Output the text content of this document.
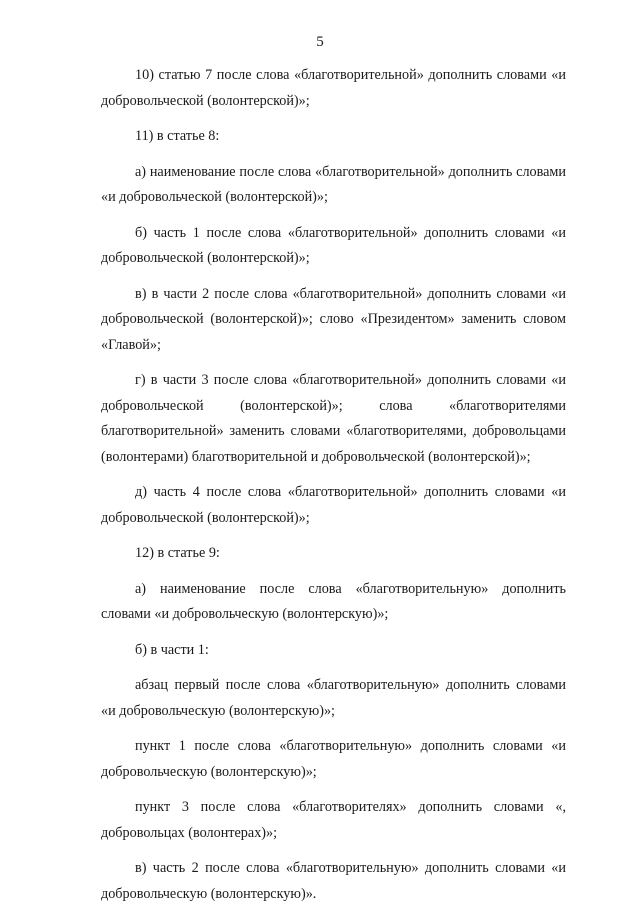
5

10) статью 7 после слова «благотворительной» дополнить словами «и добровольческой (волонтерской)»;

11) в статье 8:

а) наименование после слова «благотворительной» дополнить словами «и добровольческой (волонтерской)»;

б) часть 1 после слова «благотворительной» дополнить словами «и добровольческой (волонтерской)»;

в) в части 2 после слова «благотворительной» дополнить словами «и добровольческой (волонтерской)»; слово «Президентом» заменить словом «Главой»;

г) в части 3 после слова «благотворительной» дополнить словами «и добровольческой (волонтерской)»; слова «благотворителями благотворительной» заменить словами «благотворителями, добровольцами (волонтерами) благотворительной и добровольческой (волонтерской)»;

д) часть 4 после слова «благотворительной» дополнить словами «и добровольческой (волонтерской)»;

12) в статье 9:

а) наименование после слова «благотворительную» дополнить словами «и добровольческую (волонтерскую)»;

б) в части 1:

абзац первый после слова «благотворительную» дополнить словами «и добровольческую (волонтерскую)»;

пункт 1 после слова «благотворительную» дополнить словами «и добровольческую (волонтерскую)»;

пункт 3 после слова «благотворителях» дополнить словами «, добровольцах (волонтерах)»;

в) часть 2 после слова «благотворительную» дополнить словами «и добровольческую (волонтерскую)».
